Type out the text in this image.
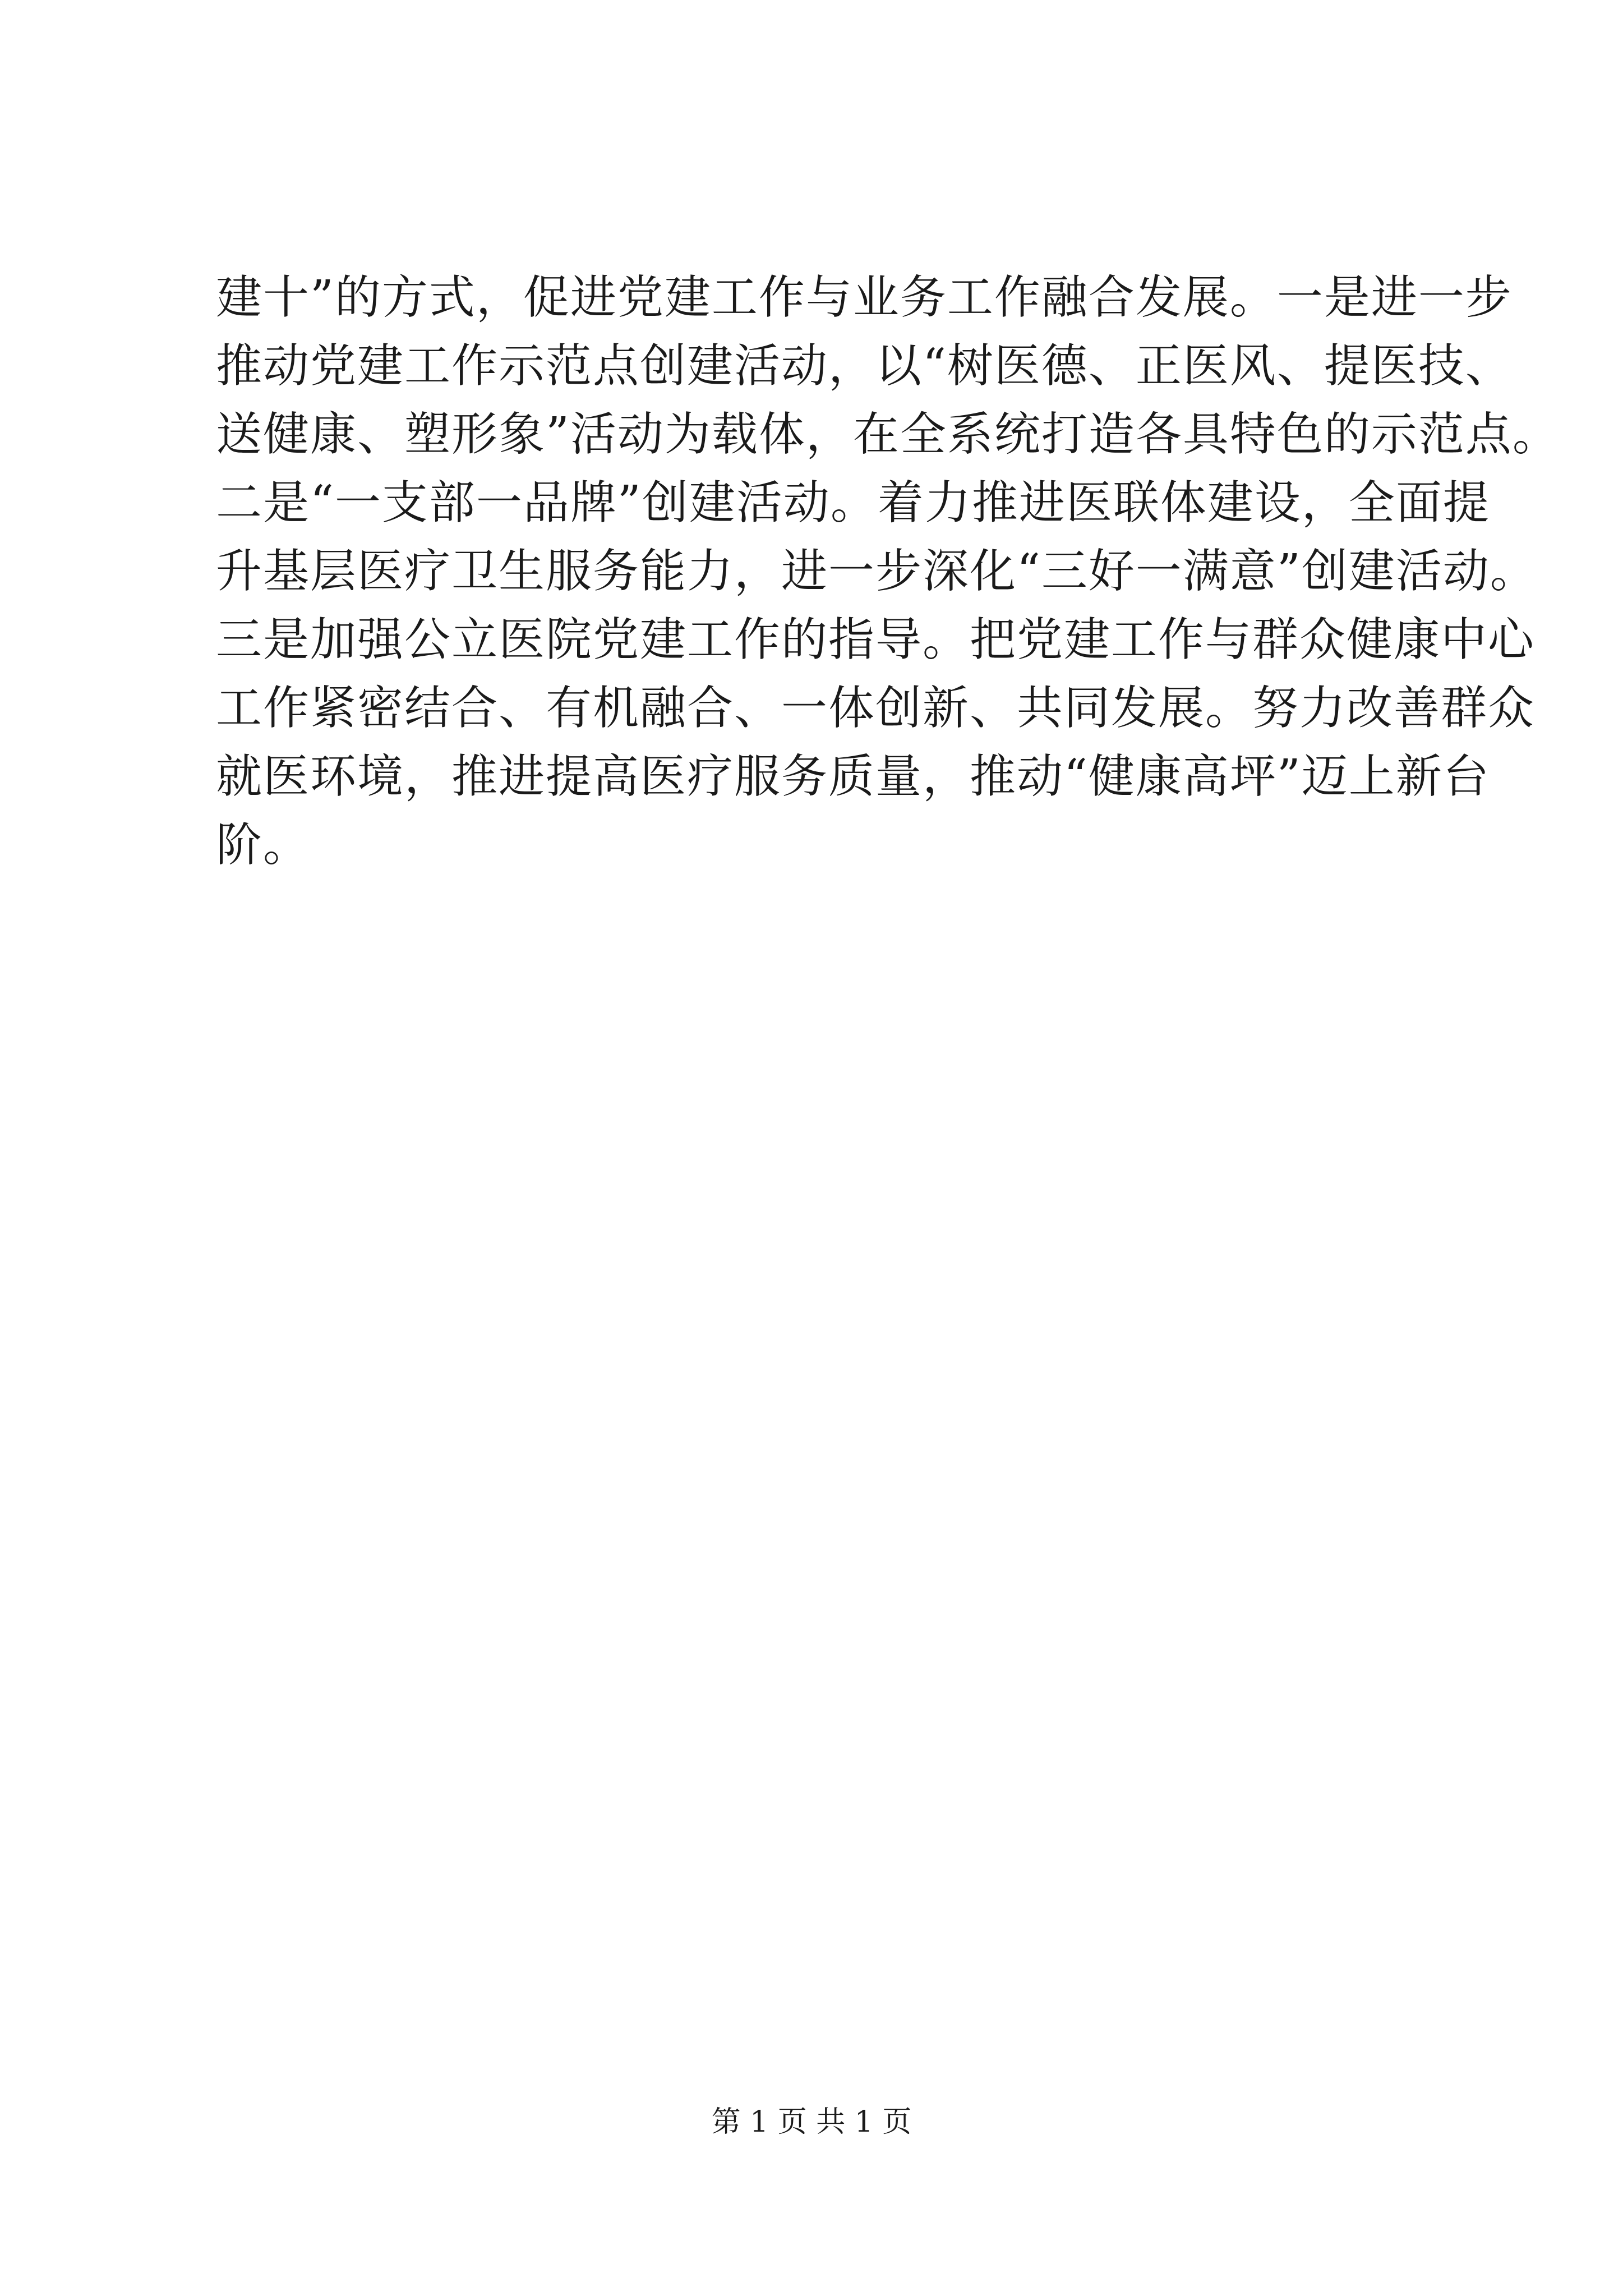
建十”的方式，促进党建工作与业务工作融合发展。一是进一步
推动党建工作示范点创建活动，以“树医德、正医风、提医技、
送健康、塑形象”活动为载体，在全系统打造各具特色的示范点。
二是“一支部一品牌”创建活动。着力推进医联体建设，全面提
升基层医疗卫生服务能力，进一步深化“三好一满意”创建活动。
三是加强公立医院党建工作的指导。把党建工作与群众健康中心
工作紧密结合、有机融合、一体创新、共同发展。努力改善群众
就医环境，推进提高医疗服务质量，推动“健康高坪”迈上新台
阶。
第 1 页 共 1 页
